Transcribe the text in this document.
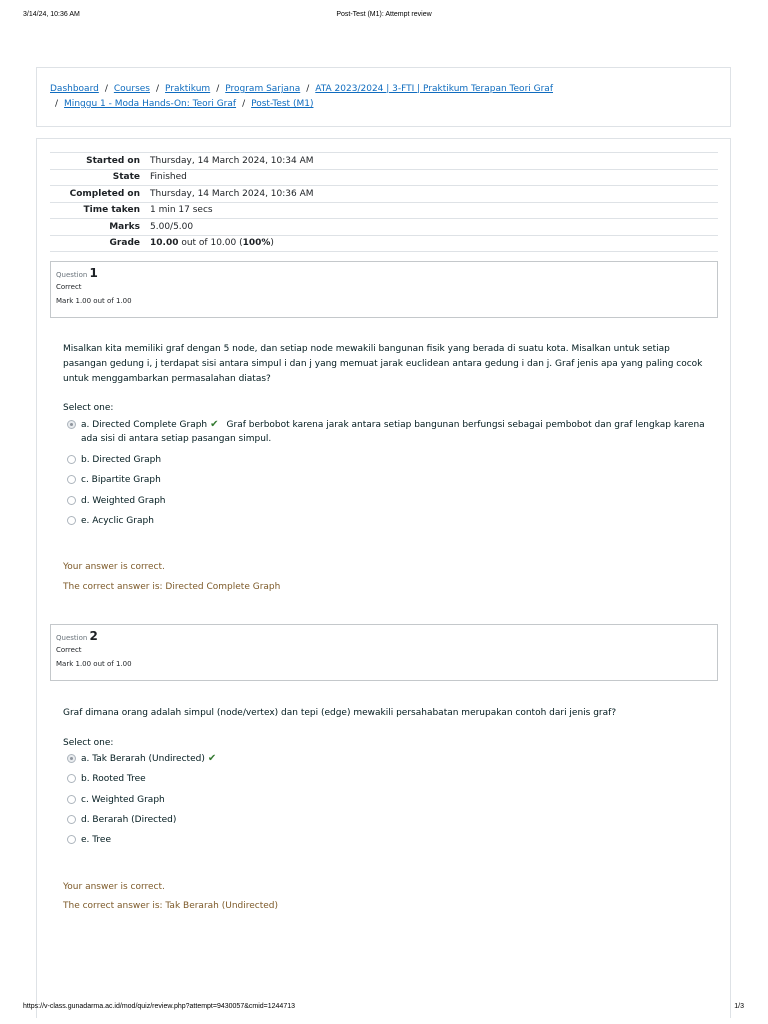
3/14/24, 10:36 AM	Post-Test (M1): Attempt review
Dashboard / Courses / Praktikum / Program Sarjana / ATA 2023/2024 | 3-FTI | Praktikum Terapan Teori Graf
/ Minggu 1 - Moda Hands-On: Teori Graf / Post-Test (M1)
Started on	Thursday, 14 March 2024, 10:34 AM
State	Finished
Completed on	Thursday, 14 March 2024, 10:36 AM
Time taken	1 min 17 secs
Marks	5.00/5.00
Grade	10.00 out of 10.00 (100%)
Question 1
Correct
Mark 1.00 out of 1.00
Misalkan kita memiliki graf dengan 5 node, dan setiap node mewakili bangunan fisik yang berada di suatu kota. Misalkan untuk setiap pasangan gedung i, j terdapat sisi antara simpul i dan j yang memuat jarak euclidean antara gedung i dan j. Graf jenis apa yang paling cocok untuk menggambarkan permasalahan diatas?
Select one:
a. Directed Complete Graph ✔ Graf berbobot karena jarak antara setiap bangunan berfungsi sebagai pembobot dan graf lengkap karena ada sisi di antara setiap pasangan simpul.
b. Directed Graph
c. Bipartite Graph
d. Weighted Graph
e. Acyclic Graph
Your answer is correct.
The correct answer is: Directed Complete Graph
Question 2
Correct
Mark 1.00 out of 1.00
Graf dimana orang adalah simpul (node/vertex) dan tepi (edge) mewakili persahabatan merupakan contoh dari jenis graf?
Select one:
a. Tak Berarah (Undirected) ✔
b. Rooted Tree
c. Weighted Graph
d. Berarah (Directed)
e. Tree
Your answer is correct.
The correct answer is: Tak Berarah (Undirected)
https://v-class.gunadarma.ac.id/mod/quiz/review.php?attempt=9430057&cmid=1244713	1/3
